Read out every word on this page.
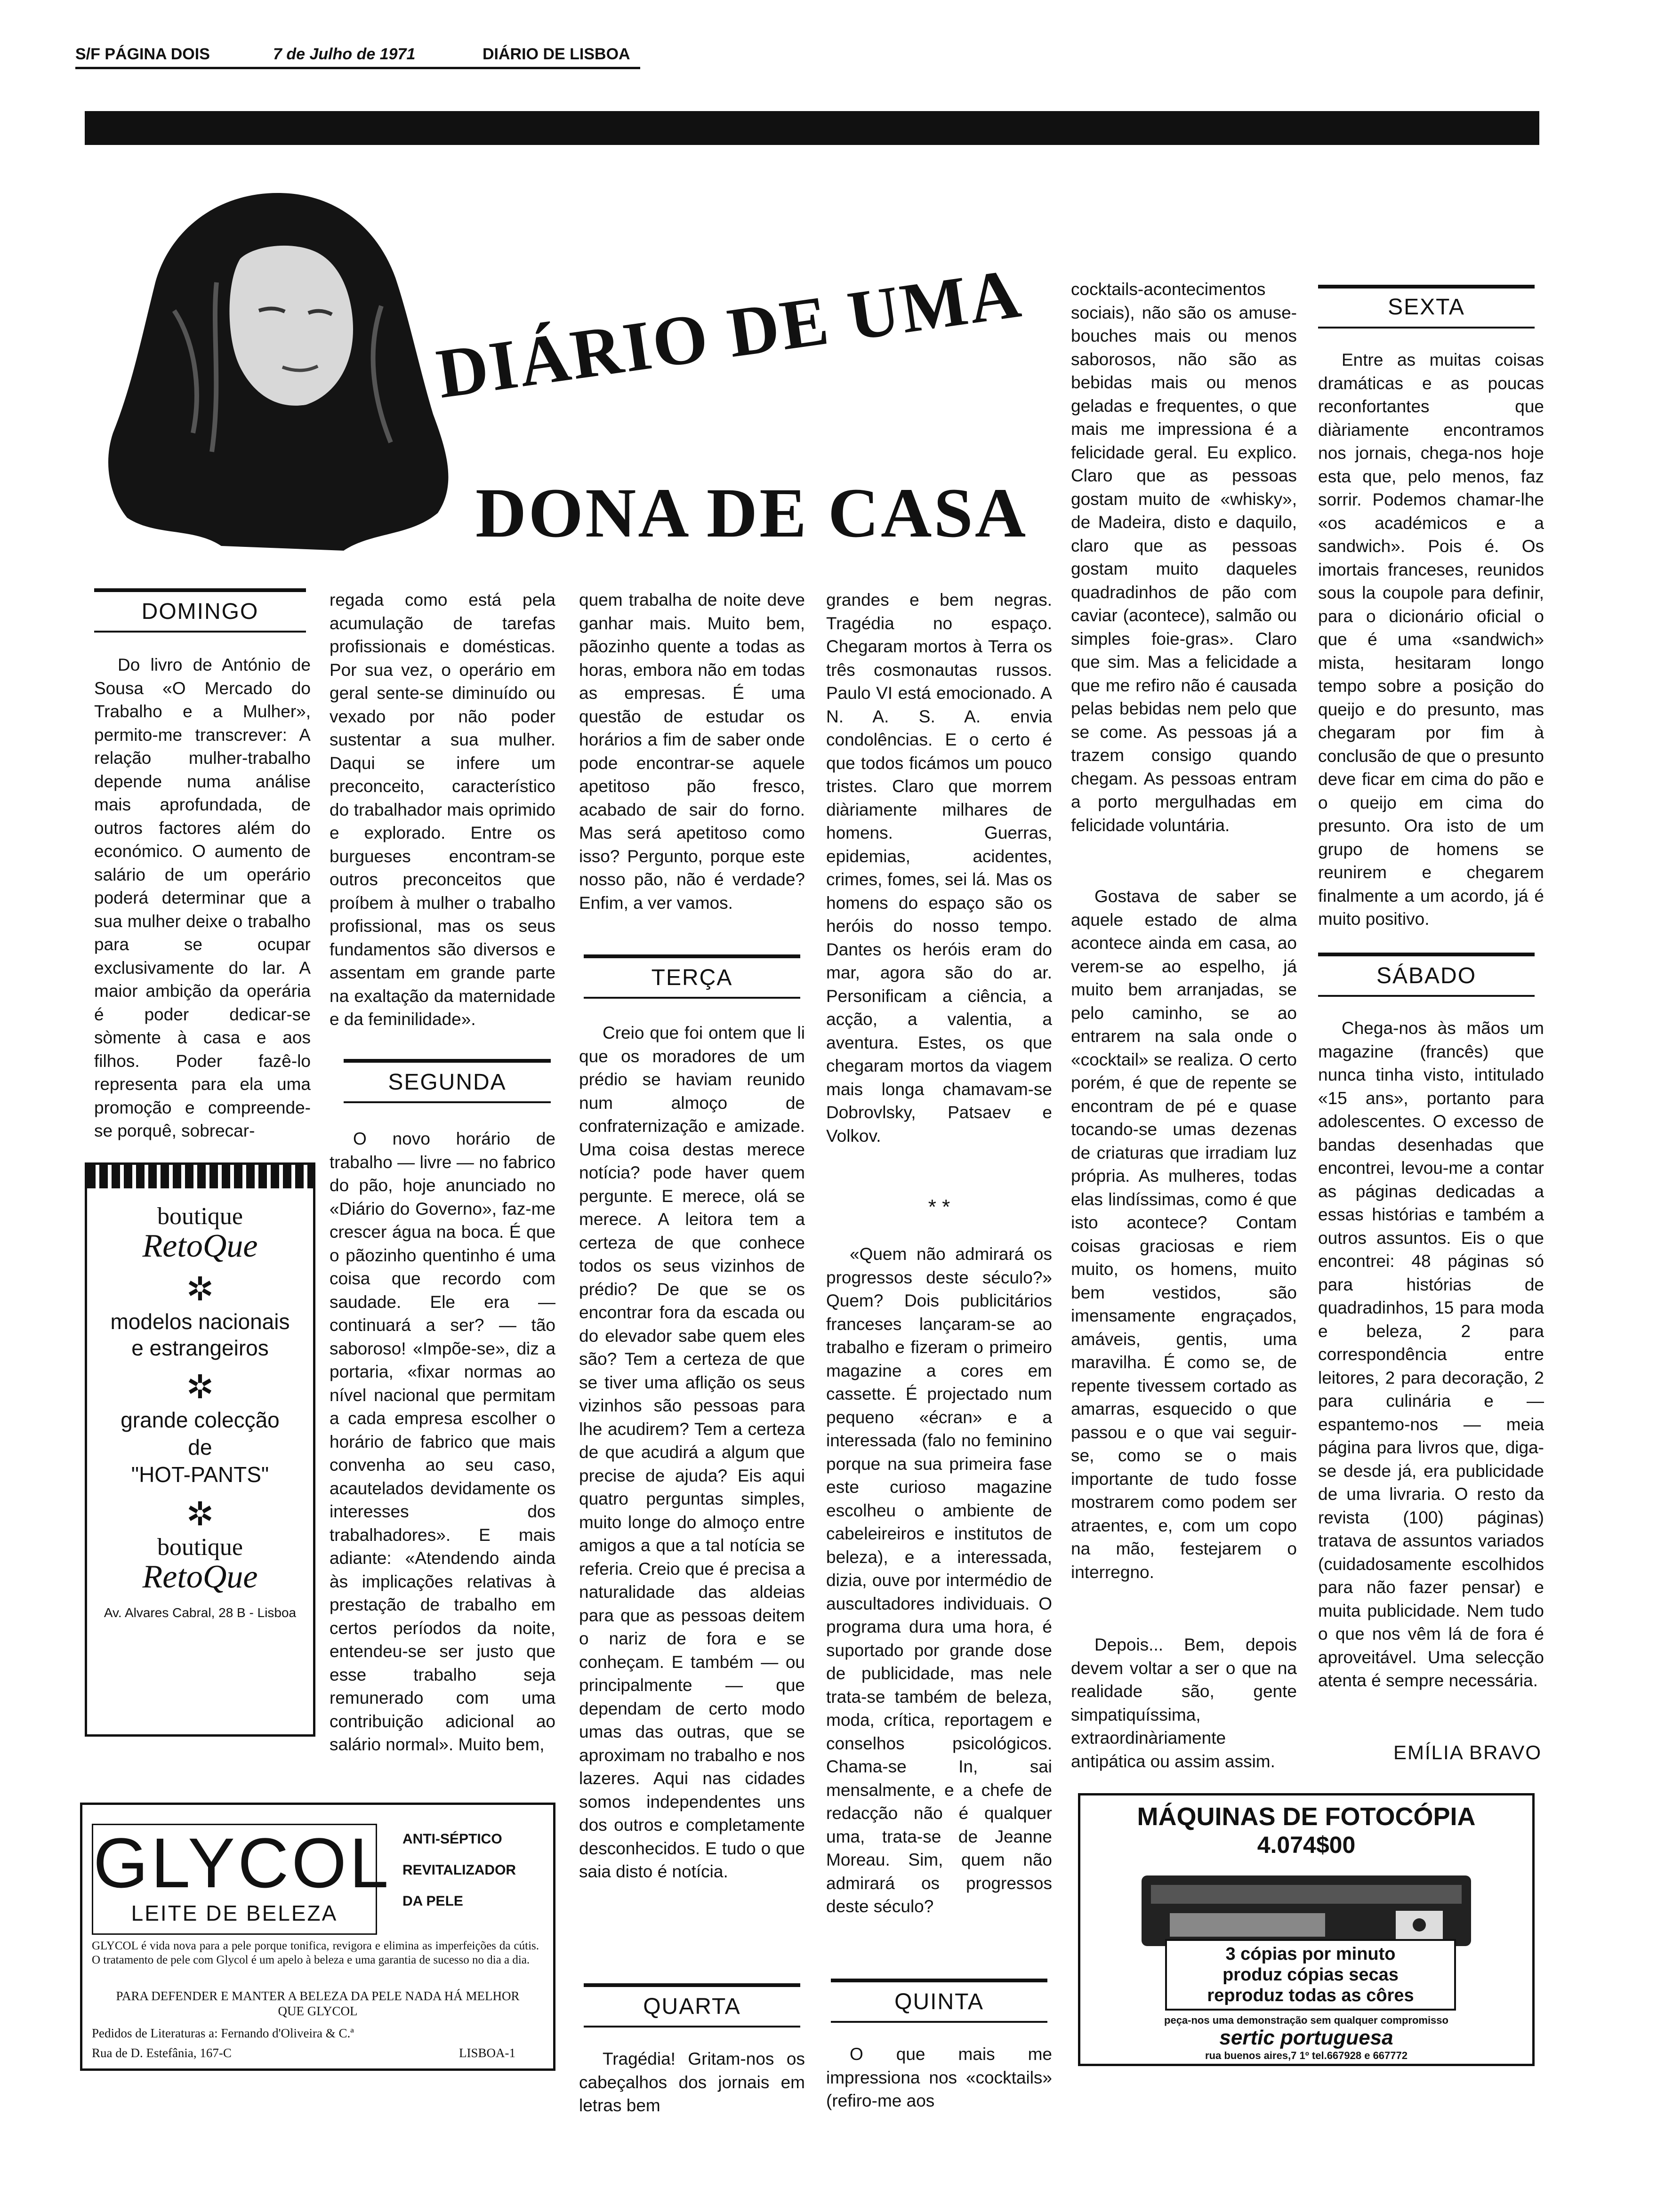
S/F PÁGINA DOIS	7 de Julho de 1971	DIÁRIO DE LISBOA
DIÁRIO DE UMA
DONA DE CASA
DOMINGO

Do livro de António de Sousa «O Mercado do Trabalho e a Mulher», permito-me transcrever: A relação mulher-trabalho depende numa análise mais aprofundada, de outros factores além do económico. O aumento de salário de um operário poderá determinar que a sua mulher deixe o trabalho para se ocupar exclusivamente do lar. A maior ambição da operária é poder dedicar-se sòmente à casa e aos filhos. Poder fazê-lo representa para ela uma promoção e compreende-se porquê, sobrecar-

boutique
RetoQue
✲
modelos nacionais
e estrangeiros
✲
grande colecção
de
"HOT-PANTS"
✲
boutique
RetoQue
Av. Alvares Cabral, 28 B - Lisboa

regada como está pela acumulação de tarefas profissionais e domésticas. Por sua vez, o operário em geral sente-se diminuído ou vexado por não poder sustentar a sua mulher. Daqui se infere um preconceito, característico do trabalhador mais oprimido e explorado. Entre os burgueses encontram-se outros preconceitos que proíbem à mulher o trabalho profissional, mas os seus fundamentos são diversos e assentam em grande parte na exaltação da maternidade e da feminilidade».

SEGUNDA

O novo horário de trabalho — livre — no fabrico do pão, hoje anunciado no «Diário do Governo», faz-me crescer água na boca. É que o pãozinho quentinho é uma coisa que recordo com saudade. Ele era — continuará a ser? — tão saboroso! «Impõe-se», diz a portaria, «fixar normas ao nível nacional que permitam a cada empresa escolher o horário de fabrico que mais convenha ao seu caso, acautelados devidamente os interesses dos trabalhadores». E mais adiante: «Atendendo ainda às implicações relativas à prestação de trabalho em certos períodos da noite, entendeu-se ser justo que esse trabalho seja remunerado com uma contribuição adicional ao salário normal». Muito bem,

GLYCOL
LEITE DE BELEZA
ANTI-SÉPTICO
REVITALIZADOR
DA PELE
GLYCOL é vida nova para a pele porque tonifica, revigora e elimina as imperfeições da cútis. O tratamento de pele com Glycol é um apelo à beleza e uma garantia de sucesso no dia a dia.
PARA DEFENDER E MANTER A BELEZA DA PELE NADA HÁ MELHOR QUE GLYCOL
Pedidos de Literaturas a: Fernando d'Oliveira & C.ª
Rua de D. Estefânia, 167-C	LISBOA-1

quem trabalha de noite deve ganhar mais. Muito bem, pãozinho quente a todas as horas, embora não em todas as empresas. É uma questão de estudar os horários a fim de saber onde pode encontrar-se aquele apetitoso pão fresco, acabado de sair do forno. Mas será apetitoso como isso? Pergunto, porque este nosso pão, não é verdade? Enfim, a ver vamos.

TERÇA

Creio que foi ontem que li que os moradores de um prédio se haviam reunido num almoço de confraternização e amizade. Uma coisa destas merece notícia? pode haver quem pergunte. E merece, olá se merece. A leitora tem a certeza de que conhece todos os seus vizinhos de prédio? De que se os encontrar fora da escada ou do elevador sabe quem eles são? Tem a certeza de que se tiver uma aflição os seus vizinhos são pessoas para lhe acudirem? Tem a certeza de que acudirá a algum que precise de ajuda? Eis aqui quatro perguntas simples, muito longe do almoço entre amigos a que a tal notícia se referia. Creio que é precisa a naturalidade das aldeias para que as pessoas deitem o nariz de fora e se conheçam. E também — ou principalmente — que dependam de certo modo umas das outras, que se aproximam no trabalho e nos lazeres. Aqui nas cidades somos independentes uns dos outros e completamente desconhecidos. E tudo o que saia disto é notícia.

QUARTA

Tragédia! Gritam-nos os cabeçalhos dos jornais em letras bem

grandes e bem negras. Tragédia no espaço. Chegaram mortos à Terra os três cosmonautas russos. Paulo VI está emocionado. A N. A. S. A. envia condolências. E o certo é que todos ficámos um pouco tristes. Claro que morrem diàriamente milhares de homens. Guerras, epidemias, acidentes, crimes, fomes, sei lá. Mas os homens do espaço são os heróis do nosso tempo. Dantes os heróis eram do mar, agora são do ar. Personificam a ciência, a acção, a valentia, a aventura. Estes, os que chegaram mortos da viagem mais longa chamavam-se Dobrovlsky, Patsaev e Volkov.

* *

«Quem não admirará os progressos deste século?» Quem? Dois publicitários franceses lançaram-se ao trabalho e fizeram o primeiro magazine a cores em cassette. É projectado num pequeno «écran» e a interessada (falo no feminino porque na sua primeira fase este curioso magazine escolheu o ambiente de cabeleireiros e institutos de beleza), e a interessada, dizia, ouve por intermédio de auscultadores individuais. O programa dura uma hora, é suportado por grande dose de publicidade, mas nele trata-se também de beleza, moda, crítica, reportagem e conselhos psicológicos. Chama-se In, sai mensalmente, e a chefe de redacção não é qualquer uma, trata-se de Jeanne Moreau. Sim, quem não admirará os progressos deste século?

QUINTA

O que mais me impressiona nos «cocktails» (refiro-me aos

cocktails-acontecimentos sociais), não são os amuse-bouches mais ou menos saborosos, não são as bebidas mais ou menos geladas e frequentes, o que mais me impressiona é a felicidade geral. Eu explico. Claro que as pessoas gostam muito de «whisky», de Madeira, disto e daquilo, claro que as pessoas gostam muito daqueles quadradinhos de pão com caviar (acontece), salmão ou simples foie-gras». Claro que sim. Mas a felicidade a que me refiro não é causada pelas bebidas nem pelo que se come. As pessoas já a trazem consigo quando chegam. As pessoas entram a porto mergulhadas em felicidade voluntária.

Gostava de saber se aquele estado de alma acontece ainda em casa, ao verem-se ao espelho, já muito bem arranjadas, se pelo caminho, se ao entrarem na sala onde o «cocktail» se realiza. O certo porém, é que de repente se encontram de pé e quase tocando-se umas dezenas de criaturas que irradiam luz própria. As mulheres, todas elas lindíssimas, como é que isto acontece? Contam coisas graciosas e riem muito, os homens, muito bem vestidos, são imensamente engraçados, amáveis, gentis, uma maravilha. É como se, de repente tivessem cortado as amarras, esquecido o que passou e o que vai seguir-se, como se o mais importante de tudo fosse mostrarem como podem ser atraentes, e, com um copo na mão, festejarem o interregno.

Depois... Bem, depois devem voltar a ser o que na realidade são, gente simpatiquíssima, extraordinàriamente antipática ou assim assim.

SEXTA

Entre as muitas coisas dramáticas e as poucas reconfortantes que diàriamente encontramos nos jornais, chega-nos hoje esta que, pelo menos, faz sorrir. Podemos chamar-lhe «os académicos e a sandwich». Pois é. Os imortais franceses, reunidos sous la coupole para definir, para o dicionário oficial o que é uma «sandwich» mista, hesitaram longo tempo sobre a posição do queijo e do presunto, mas chegaram por fim à conclusão de que o presunto deve ficar em cima do pão e o queijo em cima do presunto. Ora isto de um grupo de homens se reunirem e chegarem finalmente a um acordo, já é muito positivo.

SÁBADO

Chega-nos às mãos um magazine (francês) que nunca tinha visto, intitulado «15 ans», portanto para adolescentes. O excesso de bandas desenhadas que encontrei, levou-me a contar as páginas dedicadas a essas histórias e também a outros assuntos. Eis o que encontrei: 48 páginas só para histórias de quadradinhos, 15 para moda e beleza, 2 para correspondência entre leitores, 2 para decoração, 2 para culinária e — espantemo-nos — meia página para livros que, diga-se desde já, era publicidade de uma livraria. O resto da revista (100) páginas) tratava de assuntos variados (cuidadosamente escolhidos para não fazer pensar) e muita publicidade. Nem tudo o que nos vêm lá de fora é aproveitável. Uma selecção atenta é sempre necessária.

EMÍLIA BRAVO
MÁQUINAS DE FOTOCÓPIA
4.074$00
3 cópias por minuto
produz cópias secas
reproduz todas as côres
peça-nos uma demonstração sem qualquer compromisso
sertic portuguesa
rua buenos aires,7 1º tel.667928 e 667772
